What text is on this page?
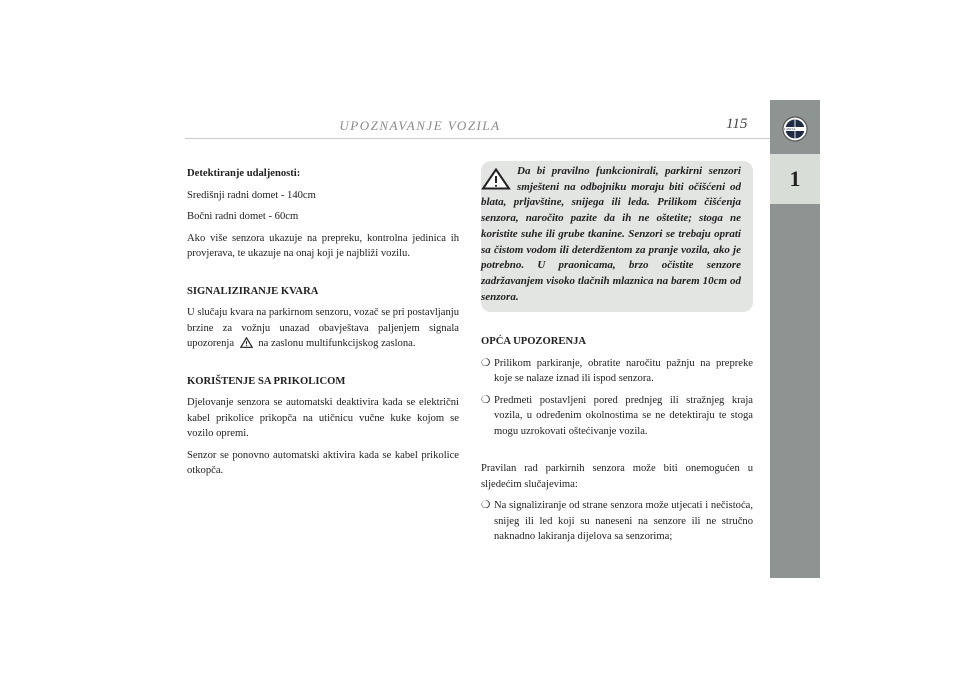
UPOZNAVANJE VOZILA	115	LANCIA
1

Detektiranje udaljenosti:

Središnji radni domet - 140cm

Bočni radni domet - 60cm

Ako više senzora ukazuje na prepreku, kontrolna jedinica ih provjerava, te ukazuje na onaj koji je najbliži vozilu.

SIGNALIZIRANJE KVARA

U slučaju kvara na parkirnom senzoru, vozač se pri postavljanju brzine za vožnju unazad obavještava paljenjem signala upozorenja na zaslonu multifunkcijskog zaslona.

KORIŠTENJE SA PRIKOLICOM

Djelovanje senzora se automatski deaktivira kada se električni kabel prikolice prikopča na utičnicu vučne kuke kojom se vozilo opremi.

Senzor se ponovno automatski aktivira kada se kabel prikolice otkopča.

Da bi pravilno funkcionirali, parkirni senzori smješteni na odbojniku moraju biti očišćeni od blata, prljavštine, snijega ili leda. Prilikom čišćenja senzora, naročito pazite da ih ne oštetite; stoga ne koristite suhe ili grube tkanine. Senzori se trebaju oprati sa čistom vodom ili deterdžentom za pranje vozila, ako je potrebno. U praonicama, brzo očistite senzore zadržavanjem visoko tlačnih mlaznica na barem 10cm od senzora.

OPĆA UPOZORENJA

❍ Prilikom parkiranje, obratite naročitu pažnju na prepreke koje se nalaze iznad ili ispod senzora.
❍ Predmeti postavljeni pored prednjeg ili stražnjeg kraja vozila, u određenim okolnostima se ne detektiraju te stoga mogu uzrokovati oštećivanje vozila.

Pravilan rad parkirnih senzora može biti onemogućen u sljedećim slučajevima:

❍ Na signaliziranje od strane senzora može utjecati i nečistoća, snijeg ili led koji su naneseni na senzore ili ne stručno naknadno lakiranja dijelova sa senzorima;
